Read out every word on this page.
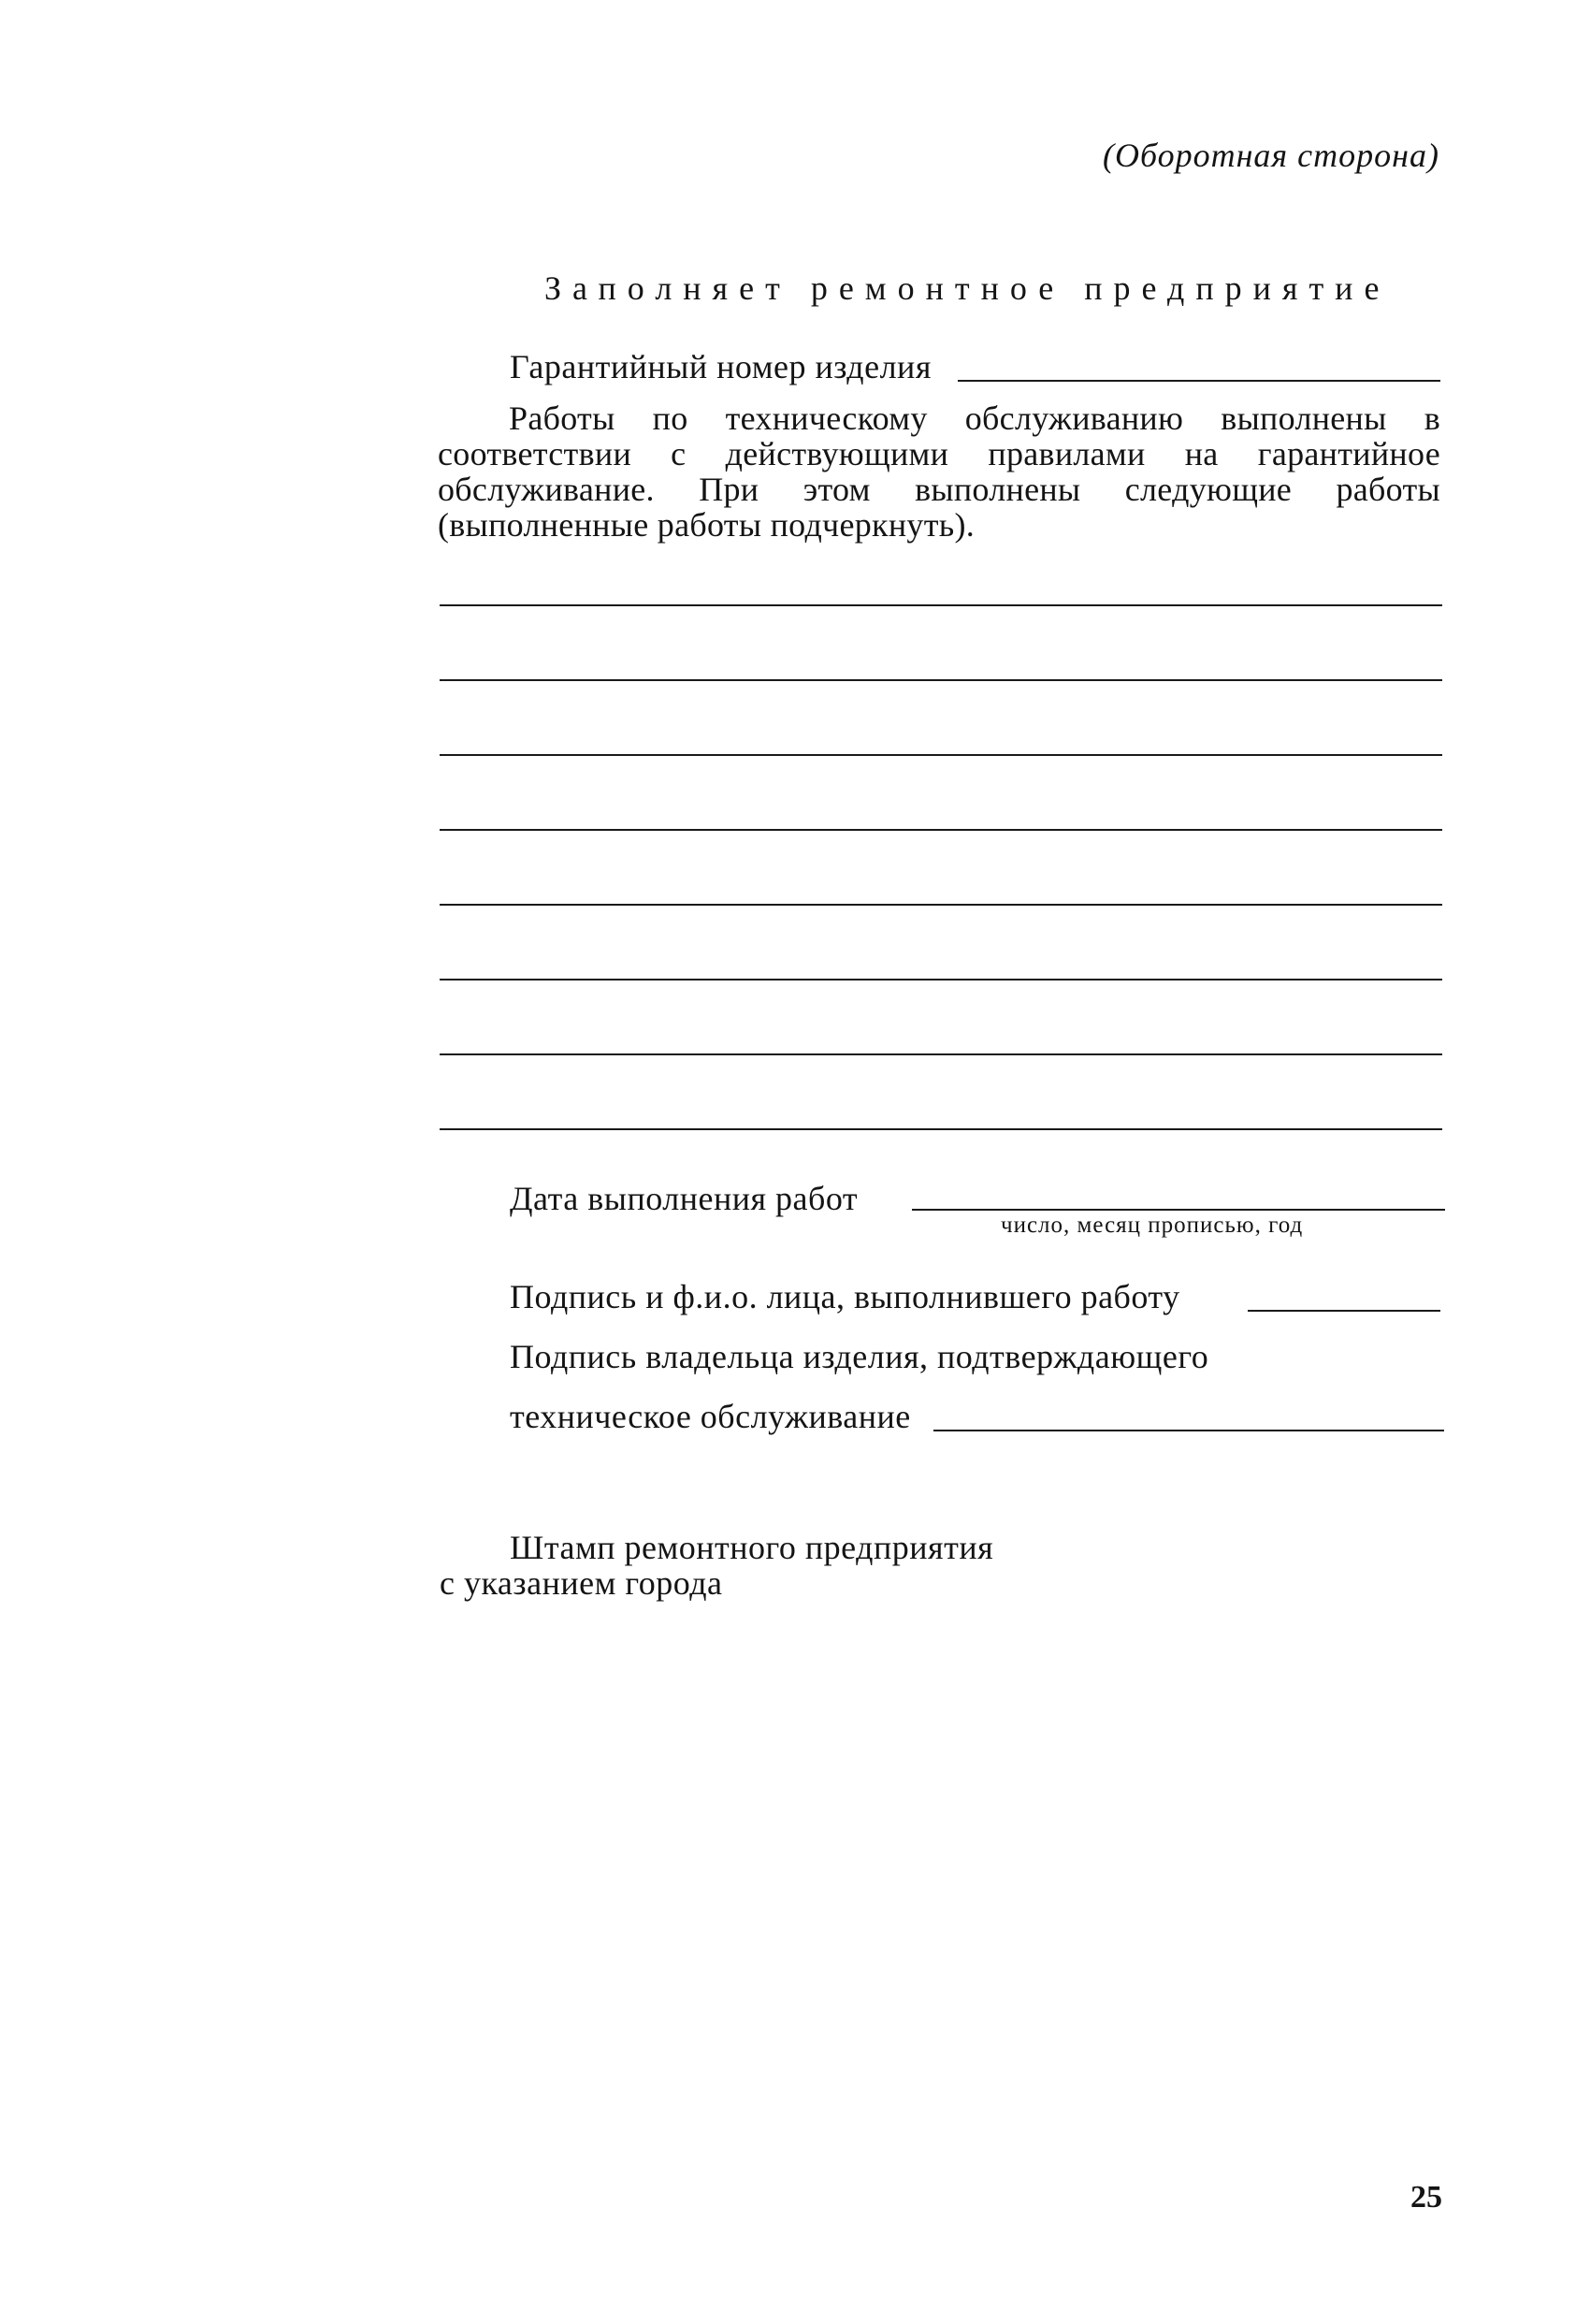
(Оборотная сторона)
Заполняет ремонтное предприятие
Гарантийный номер изделия
Работы по техническому обслуживанию выполнены в соответствии с действующими правилами на гарантийное обслуживание. При этом выполнены следующие работы (выполненные работы подчеркнуть).
Дата выполнения работ
число, месяц прописью, год
Подпись и ф.и.о. лица, выполнившего работу
Подпись владельца изделия, подтверждающего
техническое обслуживание
Штамп ремонтного предприятия
с указанием города
25
